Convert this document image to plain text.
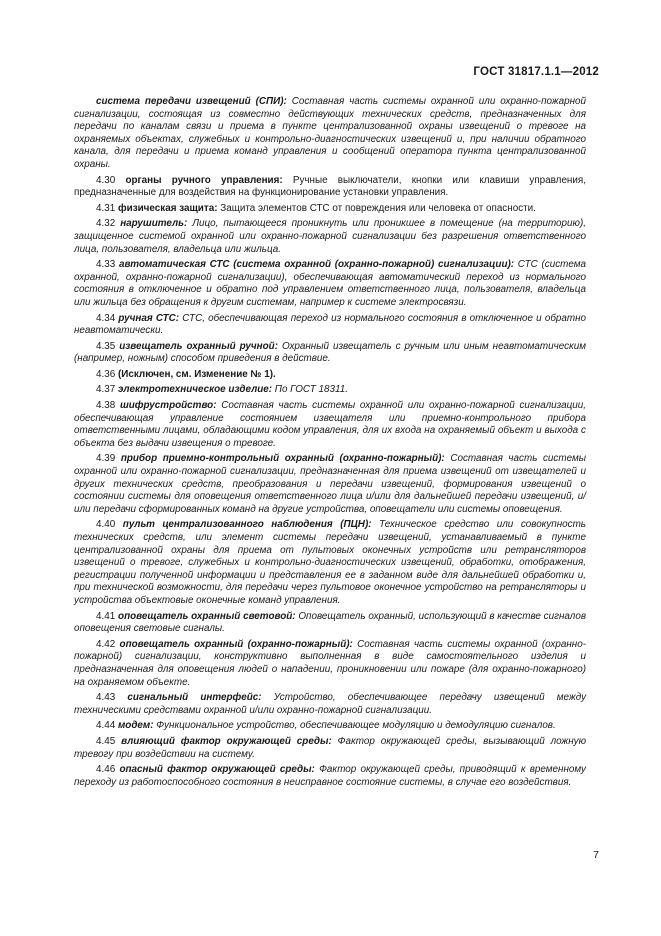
ГОСТ 31817.1.1—2012

система передачи извещений (СПИ): Составная часть системы охранной или охранно-пожарной сигнализации, состоящая из совместно действующих технических средств, предназначенных для передачи по каналам связи и приема в пункте централизованной охраны извещений о тревоге на охраняемых объектах, служебных и контрольно-диагностических извещений и, при наличии обратного канала, для передачи и приема команд управления и сообщений оператора пункта централизованной охраны.

4.30 органы ручного управления: Ручные выключатели, кнопки или клавиши управления, предназначенные для воздействия на функционирование установки управления.

4.31 физическая защита: Защита элементов СТС от повреждения или человека от опасности.

4.32 нарушитель: Лицо, пытающееся проникнуть или проникшее в помещение (на территорию), защищенное системой охранной или охранно-пожарной сигнализации без разрешения ответственного лица, пользователя, владельца или жильца.

4.33 автоматическая СТС (система охранной (охранно-пожарной) сигнализации): СТС (система охранной, охранно-пожарной сигнализации), обеспечивающая автоматический переход из нормального состояния в отключенное и обратно под управлением ответственного лица, пользователя, владельца или жильца без обращения к другим системам, например к системе электросвязи.

4.34 ручная СТС: СТС, обеспечивающая переход из нормального состояния в отключенное и обратно неавтоматически.

4.35 извещатель охранный ручной: Охранный извещатель с ручным или иным неавтоматическим (например, ножным) способом приведения в действие.

4.36 (Исключен, см. Изменение № 1).

4.37 электротехническое изделие: По ГОСТ 18311.

4.38 шифрустройство: Составная часть системы охранной или охранно-пожарной сигнализации, обеспечивающая управление состоянием извещателя или приемно-контрольного прибора ответственными лицами, обладающими кодом управления, для их входа на охраняемый объект и выхода с объекта без выдачи извещения о тревоге.

4.39 прибор приемно-контрольный охранный (охранно-пожарный): Составная часть системы охранной или охранно-пожарной сигнализации, предназначенная для приема извещений от извещателей и других технических средств, преобразования и передачи извещений, формирования извещений о состоянии системы для оповещения ответственного лица и/или для дальнейшей передачи извещений, и/или передачи сформированных команд на другие устройства, оповещатели или системы оповещения.

4.40 пульт централизованного наблюдения (ПЦН): Техническое средство или совокупность технических средств, или элемент системы передачи извещений, устанавливаемый в пункте централизованной охраны для приема от пультовых оконечных устройств или ретрансляторов извещений о тревоге, служебных и контрольно-диагностических извещений, обработки, отображения, регистрации полученной информации и представления ее в заданном виде для дальнейшей обработки и, при технической возможности, для передачи через пультовое оконечное устройство на ретрансляторы и устройства объектовые оконечные команд управления.

4.41 оповещатель охранный световой: Оповещатель охранный, использующий в качестве сигналов оповещения световые сигналы.

4.42 оповещатель охранный (охранно-пожарный): Составная часть системы охранной (охранно-пожарной) сигнализации, конструктивно выполненная в виде самостоятельного изделия и предназначенная для оповещения людей о нападении, проникновении или пожаре (для охранно-пожарного) на охраняемом объекте.

4.43 сигнальный интерфейс: Устройство, обеспечивающее передачу извещений между техническими средствами охранной и/или охранно-пожарной сигнализации.

4.44 модем: Функциональное устройство, обеспечивающее модуляцию и демодуляцию сигналов.

4.45 влияющий фактор окружающей среды: Фактор окружающей среды, вызывающий ложную тревогу при воздействии на систему.

4.46 опасный фактор окружающей среды: Фактор окружающей среды, приводящий к временному переходу из работоспособного состояния в неисправное состояние системы, в случае его воздействия.

7
